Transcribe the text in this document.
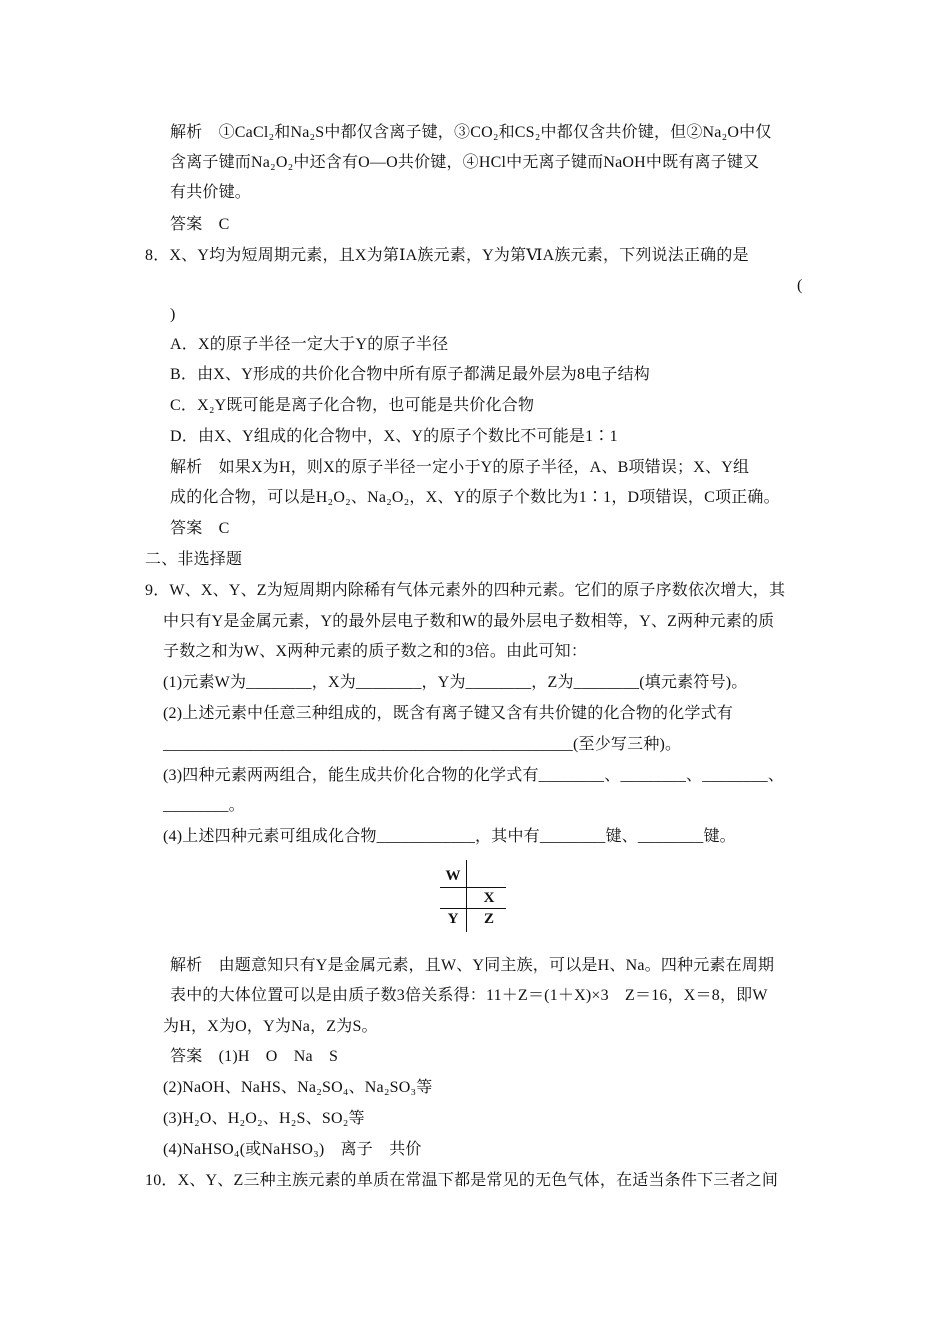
解析　①CaCl₂和Na₂S中都仅含离子键，③CO₂和CS₂中都仅含共价键，但②Na₂O中仅
含离子键而Na₂O₂中还含有O—O共价键，④HCl中无离子键而NaOH中既有离子键又
有共价键。
答案　C
8．X、Y均为短周期元素，且X为第ⅠA族元素，Y为第ⅥA族元素，下列说法正确的是
(
)
A．X的原子半径一定大于Y的原子半径
B．由X、Y形成的共价化合物中所有原子都满足最外层为8电子结构
C．X₂Y既可能是离子化合物，也可能是共价化合物
D．由X、Y组成的化合物中，X、Y的原子个数比不可能是1∶1
解析　如果X为H，则X的原子半径一定小于Y的原子半径，A、B项错误；X、Y组
成的化合物，可以是H₂O₂、Na₂O₂，X、Y的原子个数比为1∶1，D项错误，C项正确。
答案　C
二、非选择题
9．W、X、Y、Z为短周期内除稀有气体元素外的四种元素。它们的原子序数依次增大，其
中只有Y是金属元素，Y的最外层电子数和W的最外层电子数相等，Y、Z两种元素的质
子数之和为W、X两种元素的质子数之和的3倍。由此可知：
(1)元素W为________，X为________，Y为________，Z为________(填元素符号)。
(2)上述元素中任意三种组成的，既含有离子键又含有共价键的化合物的化学式有
__________________________________________________(至少写三种)。
(3)四种元素两两组合，能生成共价化合物的化学式有________、________、________、
________。
(4)上述四种元素可组成化合物____________，其中有________键、________键。
W
X
Y Z
解析　由题意知只有Y是金属元素，且W、Y同主族，可以是H、Na。四种元素在周期
表中的大体位置可以是由质子数3倍关系得：11＋Z＝(1＋X)×3　Z＝16，X＝8，即W
为H，X为O，Y为Na，Z为S。
答案　(1)H　O　Na　S
(2)NaOH、NaHS、Na₂SO₄、Na₂SO₃等
(3)H₂O、H₂O₂、H₂S、SO₂等
(4)NaHSO₄(或NaHSO₃)　离子　共价
10．X、Y、Z三种主族元素的单质在常温下都是常见的无色气体，在适当条件下三者之间
